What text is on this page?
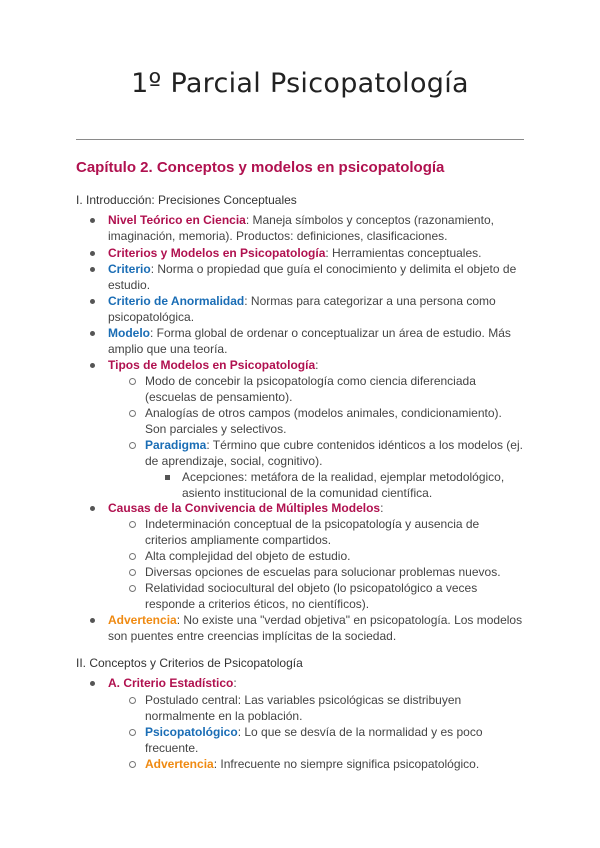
1º Parcial Psicopatología
Capítulo 2. Conceptos y modelos en psicopatología
I. Introducción: Precisiones Conceptuales
Nivel Teórico en Ciencia: Maneja símbolos y conceptos (razonamiento,
imaginación, memoria). Productos: definiciones, clasificaciones.
Criterios y Modelos en Psicopatología: Herramientas conceptuales.
Criterio: Norma o propiedad que guía el conocimiento y delimita el objeto de
estudio.
Criterio de Anormalidad: Normas para categorizar a una persona como
psicopatológica.
Modelo: Forma global de ordenar o conceptualizar un área de estudio. Más
amplio que una teoría.
Tipos de Modelos en Psicopatología:
Modo de concebir la psicopatología como ciencia diferenciada
(escuelas de pensamiento).
Analogías de otros campos (modelos animales, condicionamiento).
Son parciales y selectivos.
Paradigma: Término que cubre contenidos idénticos a los modelos (ej.
de aprendizaje, social, cognitivo).
Acepciones: metáfora de la realidad, ejemplar metodológico,
asiento institucional de la comunidad científica.
Causas de la Convivencia de Múltiples Modelos:
Indeterminación conceptual de la psicopatología y ausencia de
criterios ampliamente compartidos.
Alta complejidad del objeto de estudio.
Diversas opciones de escuelas para solucionar problemas nuevos.
Relatividad sociocultural del objeto (lo psicopatológico a veces
responde a criterios éticos, no científicos).
Advertencia: No existe una "verdad objetiva" en psicopatología. Los modelos
son puentes entre creencias implícitas de la sociedad.
II. Conceptos y Criterios de Psicopatología
A. Criterio Estadístico:
Postulado central: Las variables psicológicas se distribuyen
normalmente en la población.
Psicopatológico: Lo que se desvía de la normalidad y es poco
frecuente.
Advertencia: Infrecuente no siempre significa psicopatológico.
